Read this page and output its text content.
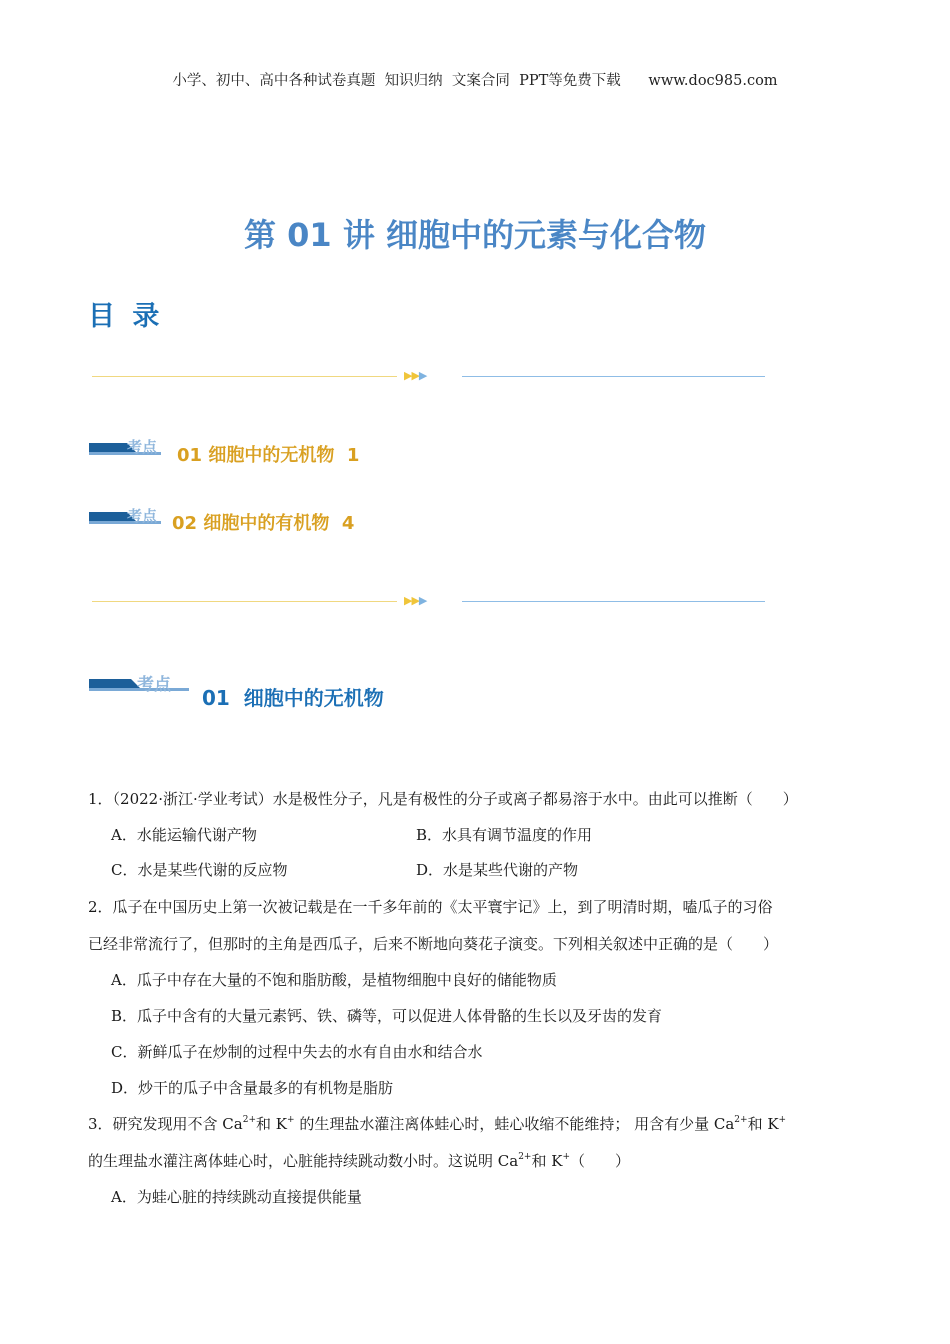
小学、初中、高中各种试卷真题  知识归纳  文案合同  PPT等免费下载      www.doc985.com
第 01 讲 细胞中的元素与化合物
目 录
▶▶▶
考点 01 细胞中的无机物  1
考点 02 细胞中的有机物  4
▶▶▶
考点
01  细胞中的无机物
1．（2022·浙江·学业考试）水是极性分子，凡是有极性的分子或离子都易溶于水中。由此可以推断（　　）
A．水能运输代谢产物	B．水具有调节温度的作用
C．水是某些代谢的反应物	D．水是某些代谢的产物
2．瓜子在中国历史上第一次被记载是在一千多年前的《太平寰宇记》上，到了明清时期，嗑瓜子的习俗
已经非常流行了，但那时的主角是西瓜子，后来不断地向葵花子演变。下列相关叙述中正确的是（　　）
A．瓜子中存在大量的不饱和脂肪酸，是植物细胞中良好的储能物质
B．瓜子中含有的大量元素钙、铁、磷等，可以促进人体骨骼的生长以及牙齿的发育
C．新鲜瓜子在炒制的过程中失去的水有自由水和结合水
D．炒干的瓜子中含量最多的有机物是脂肪
3．研究发现用不含 $Ca^{2+}$和 K+ 的生理盐水灌注离体蛙心时，蛙心收缩不能维持； 用含有少量 $Ca^{2+}$和 K+
的生理盐水灌注离体蛙心时，心脏能持续跳动数小时。这说明 $Ca^{2+}$和 K+（　　）
A．为蛙心脏的持续跳动直接提供能量
